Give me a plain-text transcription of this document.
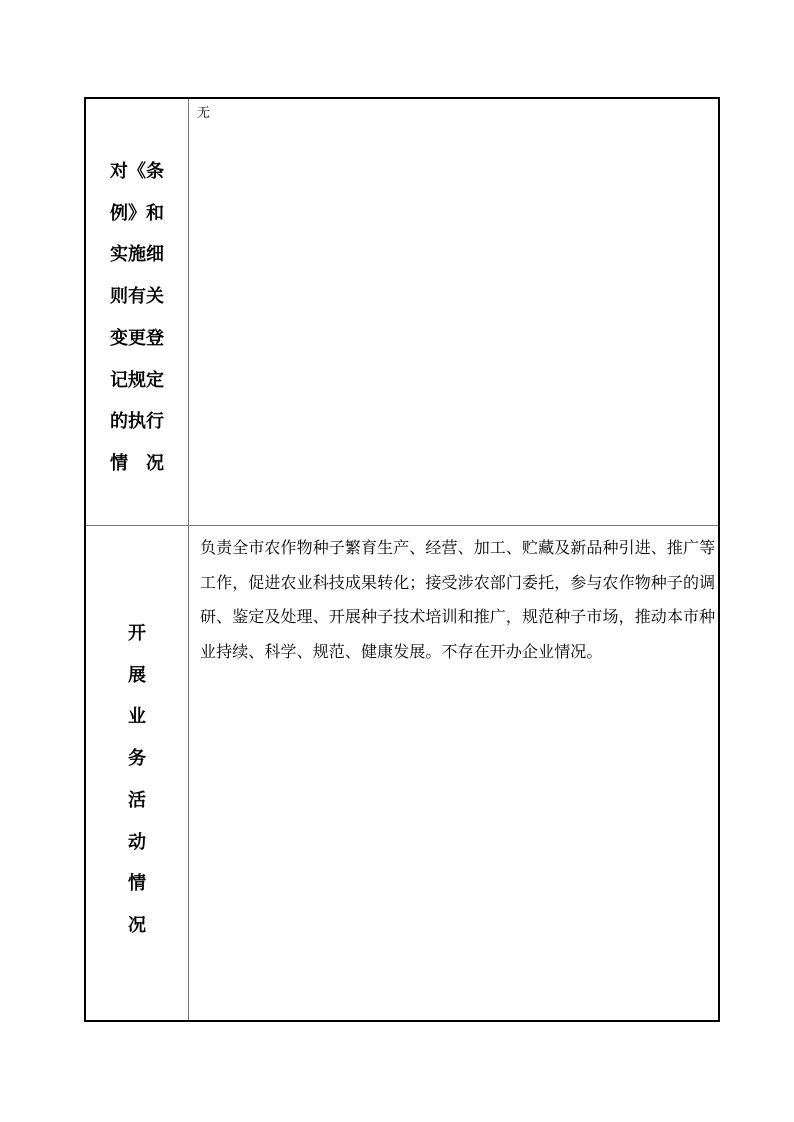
对《条
例》和
实施细
则有关
变更登
记规定
的执行
情　况
无
开
展
业
务
活
动
情
况
负责全市农作物种子繁育生产、经营、加工、贮藏及新品种引进、推广等工作，促进农业科技成果转化；接受涉农部门委托，参与农作物种子的调研、鉴定及处理、开展种子技术培训和推广，规范种子市场，推动本市种业持续、科学、规范、健康发展。不存在开办企业情况。
